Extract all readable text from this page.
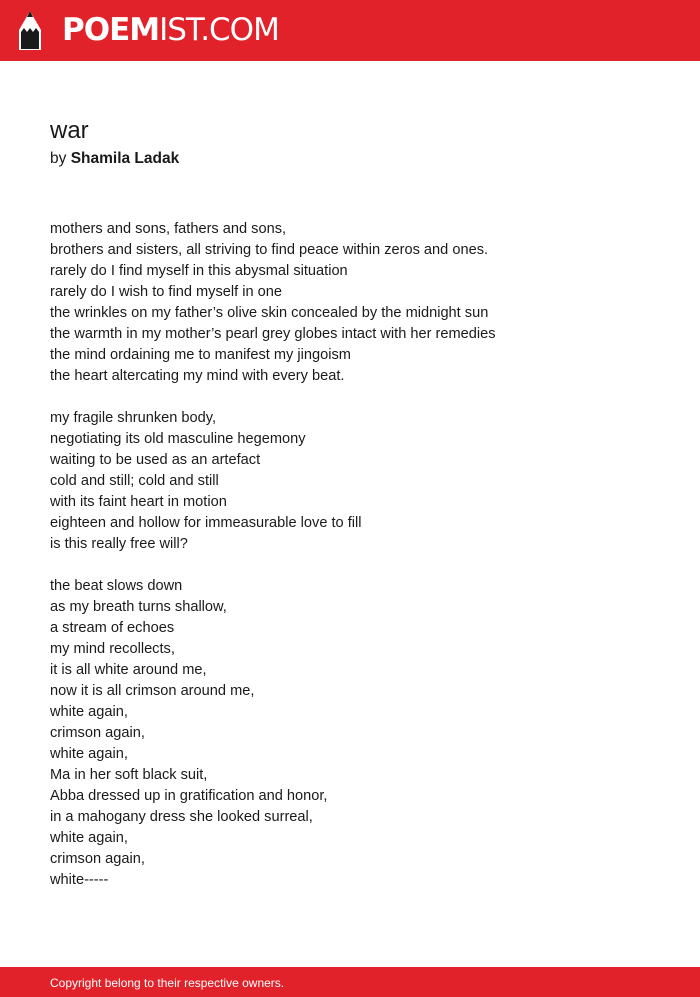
POEMIST.COM
war
by Shamila Ladak
mothers and sons, fathers and sons,
brothers and sisters, all striving to find peace within zeros and ones.
rarely do I find myself in this abysmal situation
rarely do I wish to find myself in one
the wrinkles on my father’s olive skin concealed by the midnight sun
the warmth in my mother’s pearl grey globes intact with her remedies
the mind ordaining me to manifest my jingoism
the heart altercating my mind with every beat.
my fragile shrunken body,
negotiating its old masculine hegemony
waiting to be used as an artefact
cold and still; cold and still
with its faint heart in motion
eighteen and hollow for immeasurable love to fill
is this really free will?
the beat slows down
as my breath turns shallow,
a stream of echoes
my mind recollects,
it is all white around me,
now it is all crimson around me,
white again,
crimson again,
white again,
Ma in her soft black suit,
Abba dressed up in gratification and honor,
in a mahogany dress she looked surreal,
white again,
crimson again,
white-----
Copyright belong to their respective owners.
